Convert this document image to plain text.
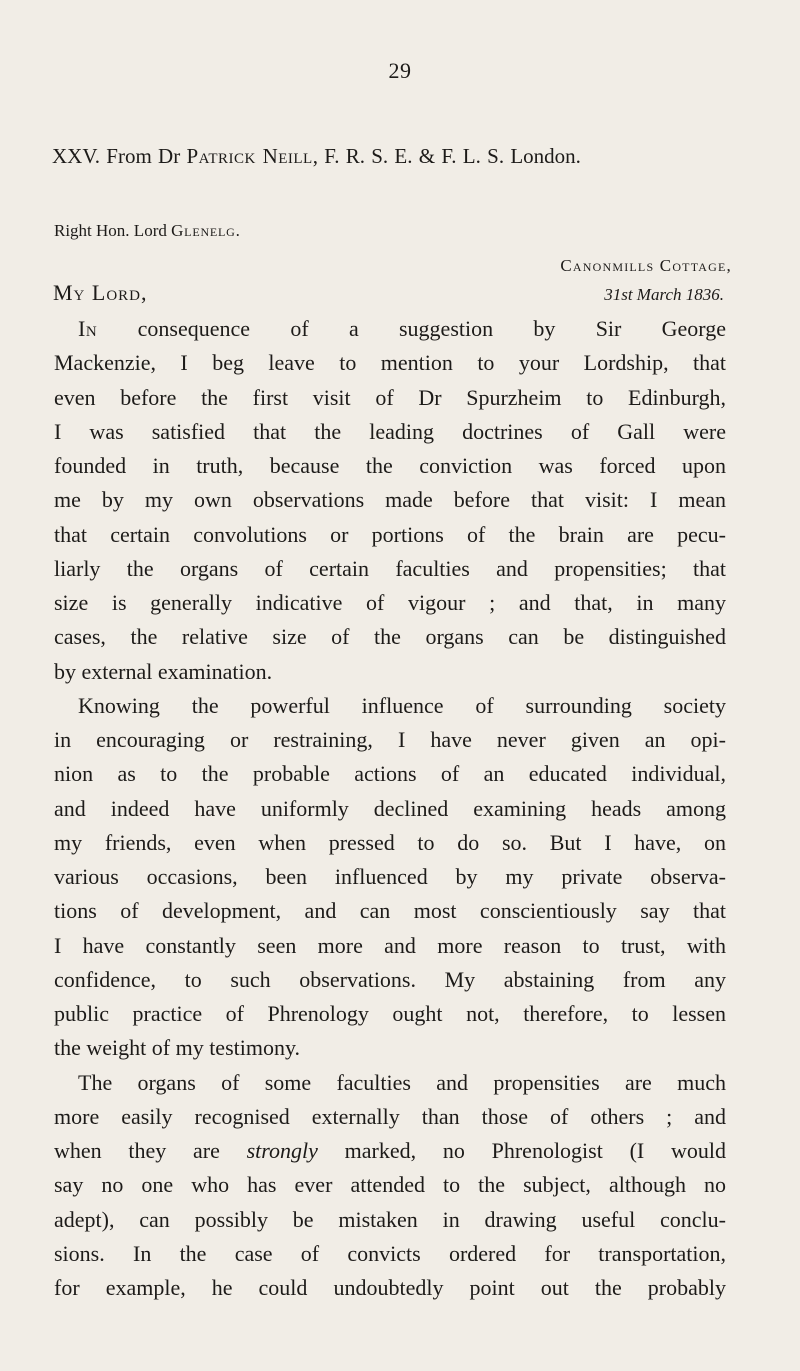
29
XXV. From Dr Patrick Neill, F. R. S. E. & F. L. S. London.
Right Hon. Lord Glenelg.
Canonmills Cottage,
My Lord,	31st March 1836.
In consequence of a suggestion by Sir George
Mackenzie, I beg leave to mention to your Lordship, that
even before the first visit of Dr Spurzheim to Edinburgh,
I was satisfied that the leading doctrines of Gall were
founded in truth, because the conviction was forced upon
me by my own observations made before that visit: I mean
that certain convolutions or portions of the brain are pecu-
liarly the organs of certain faculties and propensities; that
size is generally indicative of vigour ; and that, in many
cases, the relative size of the organs can be distinguished
by external examination.
Knowing the powerful influence of surrounding society
in encouraging or restraining, I have never given an opi-
nion as to the probable actions of an educated individual,
and indeed have uniformly declined examining heads among
my friends, even when pressed to do so. But I have, on
various occasions, been influenced by my private observa-
tions of development, and can most conscientiously say that
I have constantly seen more and more reason to trust, with
confidence, to such observations. My abstaining from any
public practice of Phrenology ought not, therefore, to lessen
the weight of my testimony.
The organs of some faculties and propensities are much
more easily recognised externally than those of others ; and
when they are strongly marked, no Phrenologist (I would
say no one who has ever attended to the subject, although no
adept), can possibly be mistaken in drawing useful conclu-
sions. In the case of convicts ordered for transportation,
for example, he could undoubtedly point out the probably
